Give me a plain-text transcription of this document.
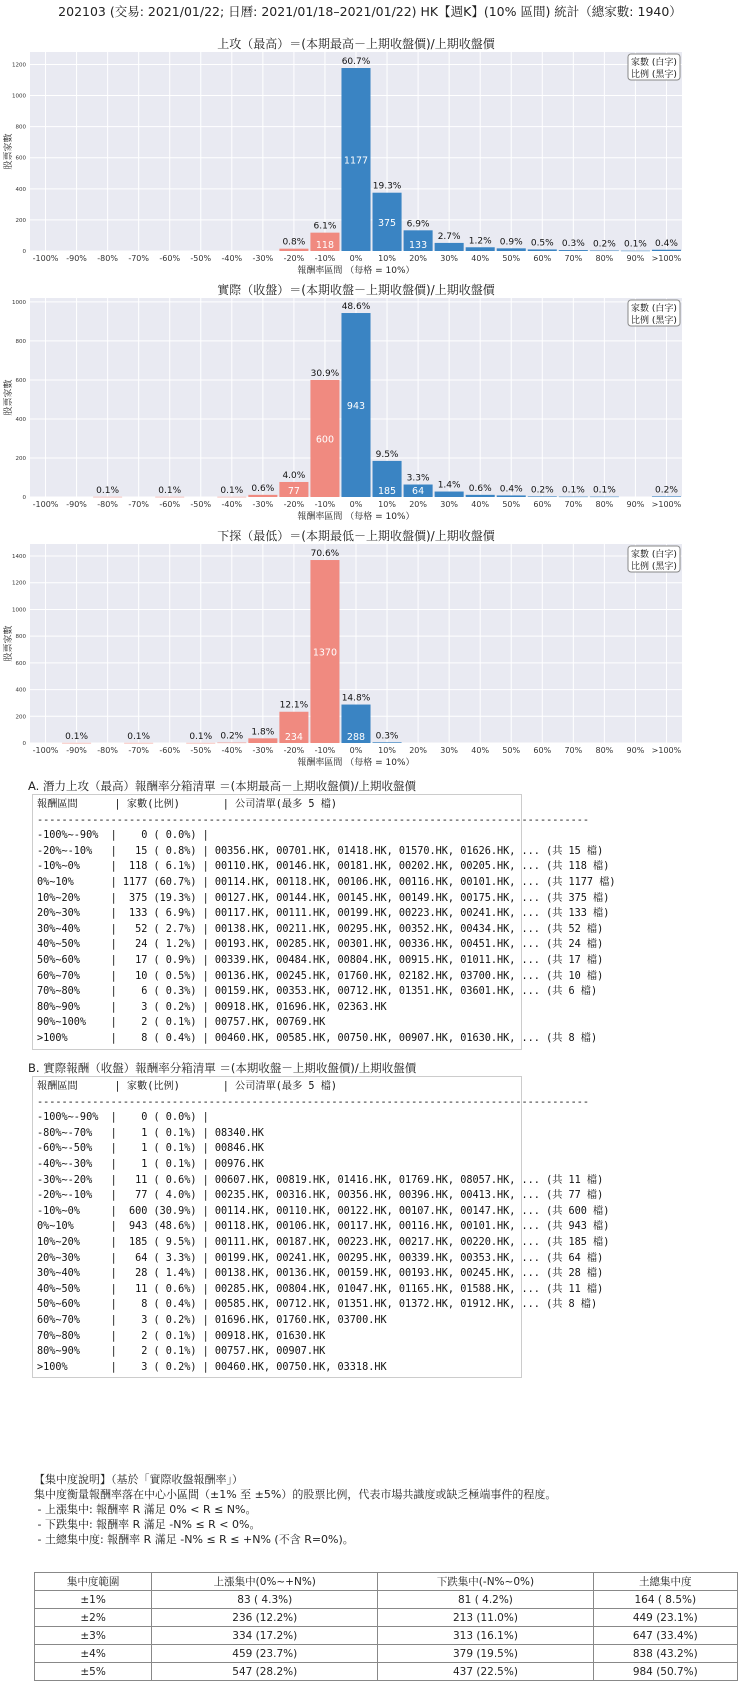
202103 (交易: 2021/01/22; 日曆: 2021/01/18–2021/01/22) HK【週K】(10% 區間) 統計（總家數: 1940）
上攻（最高）＝(本期最高－上期收盤價)/上期收盤價
0
200
400
600
800
1000
1200
-100% -90% -80% -70% -60% -50% -40% -30% -20% -10% 0% 10% 20% 30% 40% 50% 60% 70% 80% 90% >100%
0.8%
6.1%
118
60.7%
1177
19.3%
375 6.9%
133
2.7% 1.2% 0.9% 0.5% 0.3% 0.2% 0.1% 0.4%
報酬率區間 （每格 = 10%）
股票家數
家數 (白字)
比例 (黑字)
實際（收盤）＝(本期收盤－上期收盤價)/上期收盤價
0
200
400
600
800
1000
-100% -90% -80% -70% -60% -50% -40% -30% -20% -10% 0% 10% 20% 30% 40% 50% 60% 70% 80% 90% >100%
0.1%	0.1%	0.1% 0.6%
4.0%
77
30.9%
600
48.6%
943
9.5%
185
3.3%
64
1.4% 0.6% 0.4% 0.2% 0.1% 0.1%	0.2%
報酬率區間 （每格 = 10%）
股票家數
家數 (白字)
比例 (黑字)
下探（最低）＝(本期最低－上期收盤價)/上期收盤價
0
200
400
600
800
1000
1200
1400
-100% -90% -80% -70% -60% -50% -40% -30% -20% -10% 0% 10% 20% 30% 40% 50% 60% 70% 80% 90% >100%
0.1%	0.1%	0.1% 0.2% 1.8%
12.1%
234
70.6%
1370
14.8%
288 0.3%
報酬率區間 （每格 = 10%）
股票家數
家數 (白字)
比例 (黑字)
A. 潛力上攻（最高）報酬率分箱清單 ＝(本期最高－上期收盤價)/上期收盤價
報酬區間      | 家數(比例)       | 公司清單(最多 5 檔)
------------------------------------------------------------------------------------------
-100%~-90%  |    0 ( 0.0%) |
-20%~-10%   |   15 ( 0.8%) | 00356.HK, 00701.HK, 01418.HK, 01570.HK, 01626.HK, ... (共 15 檔)
-10%~0%     |  118 ( 6.1%) | 00110.HK, 00146.HK, 00181.HK, 00202.HK, 00205.HK, ... (共 118 檔)
0%~10%      | 1177 (60.7%) | 00114.HK, 00118.HK, 00106.HK, 00116.HK, 00101.HK, ... (共 1177 檔)
10%~20%     |  375 (19.3%) | 00127.HK, 00144.HK, 00145.HK, 00149.HK, 00175.HK, ... (共 375 檔)
20%~30%     |  133 ( 6.9%) | 00117.HK, 00111.HK, 00199.HK, 00223.HK, 00241.HK, ... (共 133 檔)
30%~40%     |   52 ( 2.7%) | 00138.HK, 00211.HK, 00295.HK, 00352.HK, 00434.HK, ... (共 52 檔)
40%~50%     |   24 ( 1.2%) | 00193.HK, 00285.HK, 00301.HK, 00336.HK, 00451.HK, ... (共 24 檔)
50%~60%     |   17 ( 0.9%) | 00339.HK, 00484.HK, 00804.HK, 00915.HK, 01011.HK, ... (共 17 檔)
60%~70%     |   10 ( 0.5%) | 00136.HK, 00245.HK, 01760.HK, 02182.HK, 03700.HK, ... (共 10 檔)
70%~80%     |    6 ( 0.3%) | 00159.HK, 00353.HK, 00712.HK, 01351.HK, 03601.HK, ... (共 6 檔)
80%~90%     |    3 ( 0.2%) | 00918.HK, 01696.HK, 02363.HK
90%~100%    |    2 ( 0.1%) | 00757.HK, 00769.HK
>100%       |    8 ( 0.4%) | 00460.HK, 00585.HK, 00750.HK, 00907.HK, 01630.HK, ... (共 8 檔)
B. 實際報酬（收盤）報酬率分箱清單 ＝(本期收盤－上期收盤價)/上期收盤價
報酬區間      | 家數(比例)       | 公司清單(最多 5 檔)
------------------------------------------------------------------------------------------
-100%~-90%  |    0 ( 0.0%) |
-80%~-70%   |    1 ( 0.1%) | 08340.HK
-60%~-50%   |    1 ( 0.1%) | 00846.HK
-40%~-30%   |    1 ( 0.1%) | 00976.HK
-30%~-20%   |   11 ( 0.6%) | 00607.HK, 00819.HK, 01416.HK, 01769.HK, 08057.HK, ... (共 11 檔)
-20%~-10%   |   77 ( 4.0%) | 00235.HK, 00316.HK, 00356.HK, 00396.HK, 00413.HK, ... (共 77 檔)
-10%~0%     |  600 (30.9%) | 00114.HK, 00110.HK, 00122.HK, 00107.HK, 00147.HK, ... (共 600 檔)
0%~10%      |  943 (48.6%) | 00118.HK, 00106.HK, 00117.HK, 00116.HK, 00101.HK, ... (共 943 檔)
10%~20%     |  185 ( 9.5%) | 00111.HK, 00187.HK, 00223.HK, 00217.HK, 00220.HK, ... (共 185 檔)
20%~30%     |   64 ( 3.3%) | 00199.HK, 00241.HK, 00295.HK, 00339.HK, 00353.HK, ... (共 64 檔)
30%~40%     |   28 ( 1.4%) | 00138.HK, 00136.HK, 00159.HK, 00193.HK, 00245.HK, ... (共 28 檔)
40%~50%     |   11 ( 0.6%) | 00285.HK, 00804.HK, 01047.HK, 01165.HK, 01588.HK, ... (共 11 檔)
50%~60%     |    8 ( 0.4%) | 00585.HK, 00712.HK, 01351.HK, 01372.HK, 01912.HK, ... (共 8 檔)
60%~70%     |    3 ( 0.2%) | 01696.HK, 01760.HK, 03700.HK
70%~80%     |    2 ( 0.1%) | 00918.HK, 01630.HK
80%~90%     |    2 ( 0.1%) | 00757.HK, 00907.HK
>100%       |    3 ( 0.2%) | 00460.HK, 00750.HK, 03318.HK
【集中度說明】（基於「實際收盤報酬率」）
集中度衡量報酬率落在中心小區間（±1% 至 ±5%）的股票比例，代表市場共識度或缺乏極端事件的程度。
- 上漲集中: 報酬率 R 滿足 0% < R ≤ N%。
- 下跌集中: 報酬率 R 滿足 -N% ≤ R < 0%。
- 土總集中度: 報酬率 R 滿足 -N% ≤ R ≤ +N% (不含 R=0%)。
集中度範圍	上漲集中(0%~+N%)	下跌集中(-N%~0%)	土總集中度
±1%	83 ( 4.3%)	81 ( 4.2%)	164 ( 8.5%)
±2%	236 (12.2%)	213 (11.0%)	449 (23.1%)
±3%	334 (17.2%)	313 (16.1%)	647 (33.4%)
±4%	459 (23.7%)	379 (19.5%)	838 (43.2%)
±5%	547 (28.2%)	437 (22.5%)	984 (50.7%)
